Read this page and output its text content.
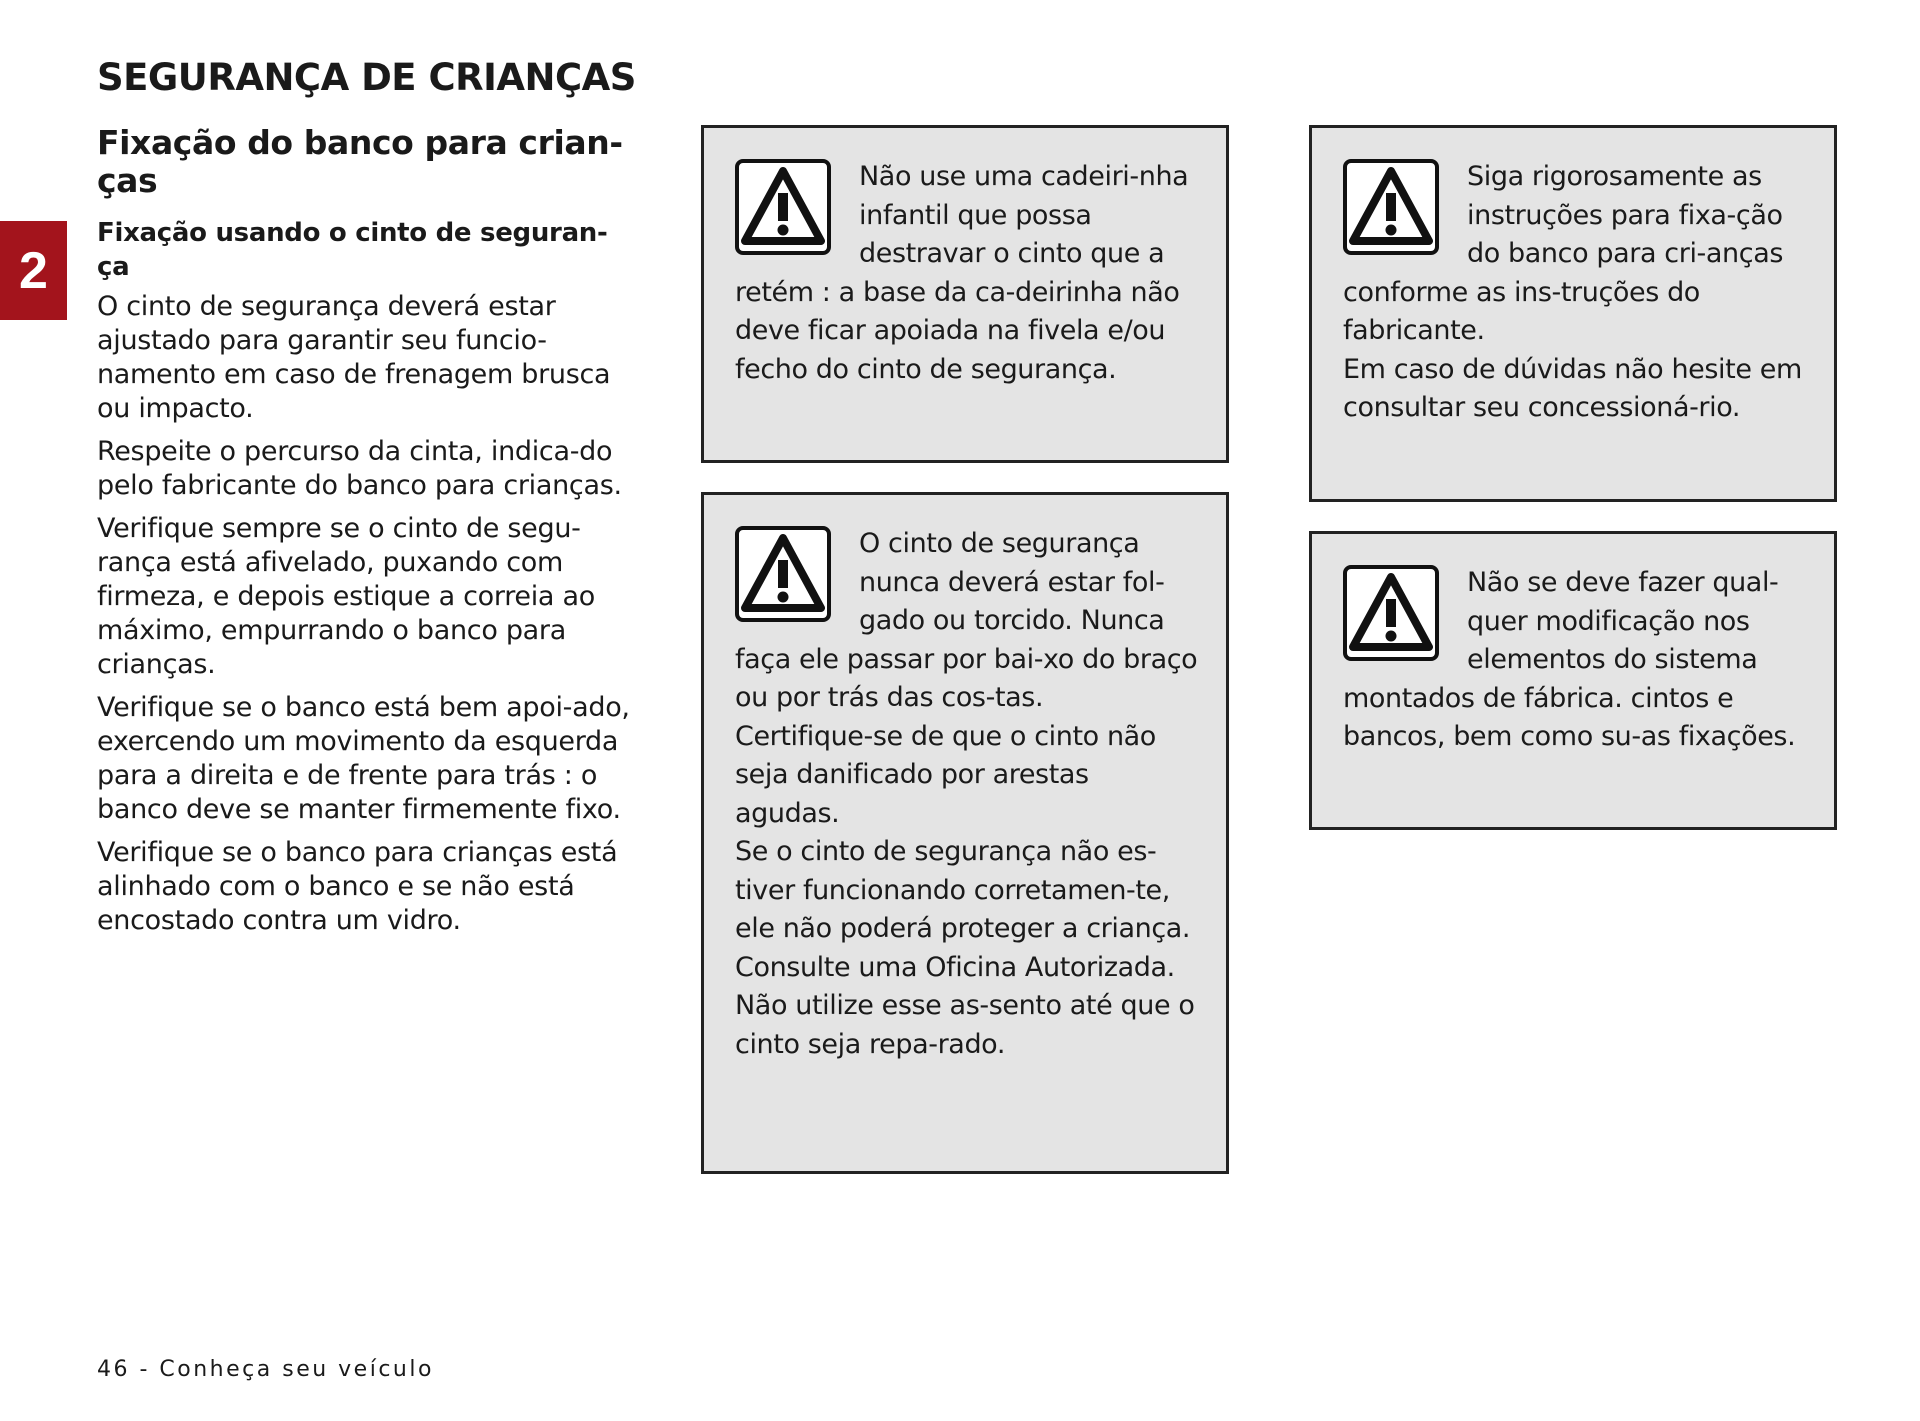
2
SEGURANÇA DE CRIANÇAS
Fixação do banco para crian-
ças
Fixação usando o cinto de seguran-
ça

O cinto de segurança deverá estar ajustado para garantir seu funcio-namento em caso de frenagem brusca ou impacto.

Respeite o percurso da cinta, indica-do pelo fabricante do banco para crianças.

Verifique sempre se o cinto de segu-rança está afivelado, puxando com firmeza, e depois estique a correia ao máximo, empurrando o banco para crianças.

Verifique se o banco está bem apoi-ado, exercendo um movimento da esquerda para a direita e de frente para trás : o banco deve se manter firmemente fixo.

Verifique se o banco para crianças está alinhado com o banco e se não está encostado contra um vidro.

Não use uma cadeiri-nha infantil que possa destravar o cinto que a retém : a base da ca-deirinha não deve ficar apoiada na fivela e/ou fecho do cinto de segurança.

O cinto de segurança nunca deverá estar fol-gado ou torcido. Nunca faça ele passar por bai-xo do braço ou por trás das cos-tas.
Certifique-se de que o cinto não seja danificado por arestas agudas.
Se o cinto de segurança não es-tiver funcionando corretamen-te, ele não poderá proteger a criança. Consulte uma Oficina Autorizada. Não utilize esse as-sento até que o cinto seja repa-rado.

Siga rigorosamente as instruções para fixa-ção do banco para cri-anças conforme as ins-truções do fabricante.
Em caso de dúvidas não hesite em consultar seu concessioná-rio.

Não se deve fazer qual-quer modificação nos elementos do sistema montados de fábrica. cintos e bancos, bem como su-as fixações.

46 - Conheça seu veículo
